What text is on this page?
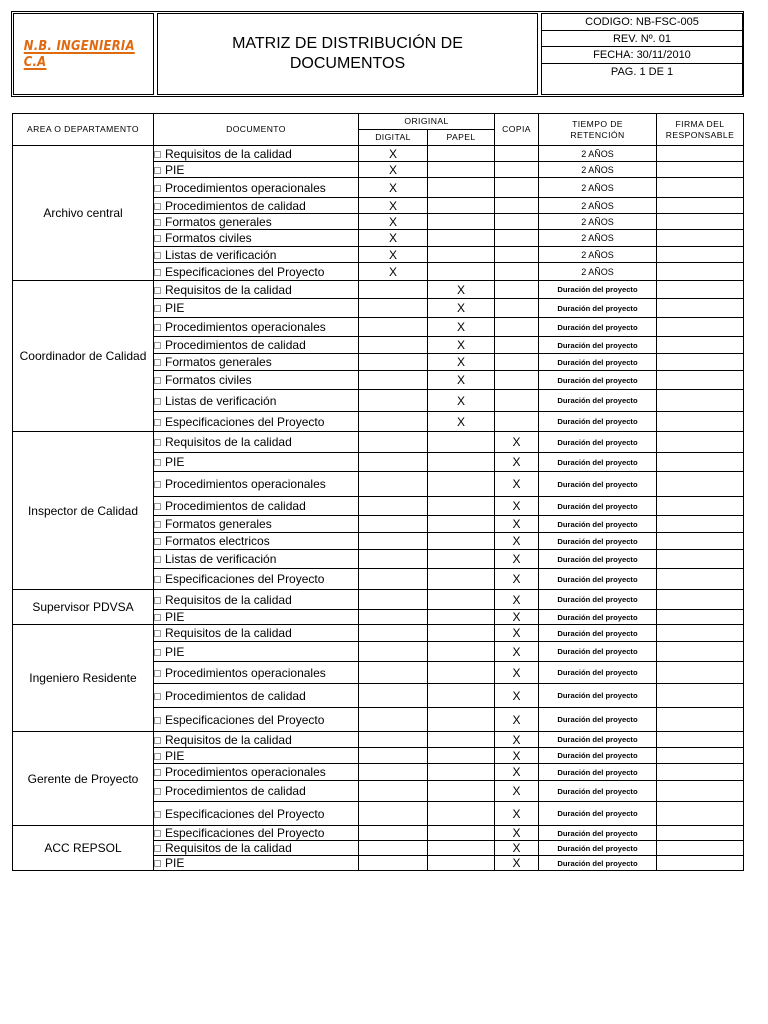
N.B. INGENIERIA C.A
MATRIZ DE DISTRIBUCIÓN DE
DOCUMENTOS
CODIGO: NB-FSC-005
REV. Nº. 01
FECHA: 30/11/2010
PAG. 1 DE 1
AREA O DEPARTAMENTO	DOCUMENTO	ORIGINAL		COPIA	TIEMPO DE
RETENCIÓN	FIRMA DEL
RESPONSABLE
		DIGITAL	PAPEL			
Archivo central	Requisitos de la calidad	X			2 AÑOS	
	PIE	X			2 AÑOS	
	Procedimientos operacionales	X			2 AÑOS	
	Procedimientos de calidad	X			2 AÑOS	
	Formatos generales	X			2 AÑOS	
	Formatos civiles	X			2 AÑOS	
	Listas de verificación	X			2 AÑOS	
	Especificaciones del Proyecto	X			2 AÑOS	
Coordinador de Calidad	Requisitos de la calidad		X		Duración del proyecto	
	PIE		X		Duración del proyecto	
	Procedimientos operacionales		X		Duración del proyecto	
	Procedimientos de calidad		X		Duración del proyecto	
	Formatos generales		X		Duración del proyecto	
	Formatos civiles		X		Duración del proyecto	
	Listas de verificación		X		Duración del proyecto	
	Especificaciones del Proyecto		X		Duración del proyecto	
Inspector de Calidad	Requisitos de la calidad			X	Duración del proyecto	
	PIE			X	Duración del proyecto	
	Procedimientos operacionales			X	Duración del proyecto	
	Procedimientos de calidad			X	Duración del proyecto	
	Formatos generales			X	Duración del proyecto	
	Formatos electricos			X	Duración del proyecto	
	Listas de verificación			X	Duración del proyecto	
	Especificaciones del Proyecto			X	Duración del proyecto	
Supervisor PDVSA	Requisitos de la calidad			X	Duración del proyecto	
	PIE			X	Duración del proyecto	
Ingeniero Residente	Requisitos de la calidad			X	Duración del proyecto	
	PIE			X	Duración del proyecto	
	Procedimientos operacionales			X	Duración del proyecto	
	Procedimientos de calidad			X	Duración del proyecto	
	Especificaciones del Proyecto			X	Duración del proyecto	
Gerente de Proyecto	Requisitos de la calidad			X	Duración del proyecto	
	PIE			X	Duración del proyecto	
	Procedimientos operacionales			X	Duración del proyecto	
	Procedimientos de calidad			X	Duración del proyecto	
	Especificaciones del Proyecto			X	Duración del proyecto	
ACC REPSOL	Especificaciones del Proyecto			X	Duración del proyecto	
	Requisitos de la calidad			X	Duración del proyecto	
	PIE			X	Duración del proyecto	
